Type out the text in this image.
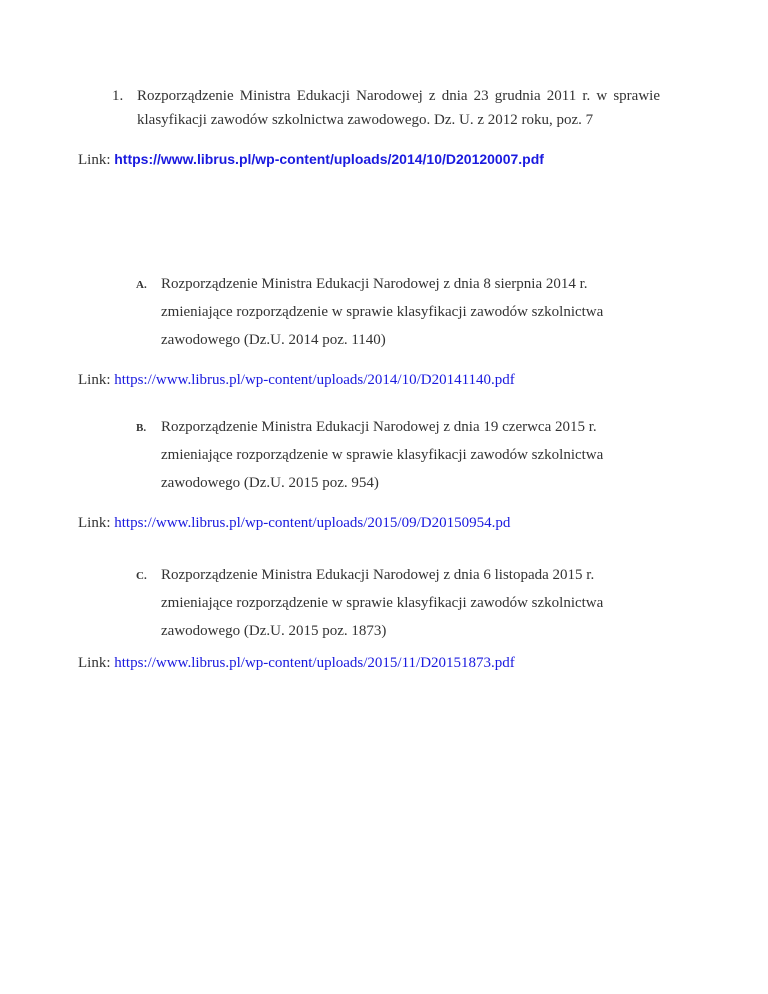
1. Rozporządzenie Ministra Edukacji Narodowej z dnia 23 grudnia 2011 r. w sprawie klasyfikacji zawodów szkolnictwa zawodowego. Dz. U. z 2012 roku, poz. 7
Link: https://www.librus.pl/wp-content/uploads/2014/10/D20120007.pdf
A. Rozporządzenie Ministra Edukacji Narodowej z dnia 8 sierpnia 2014 r. zmieniające rozporządzenie w sprawie klasyfikacji zawodów szkolnictwa zawodowego (Dz.U. 2014 poz. 1140)
Link: https://www.librus.pl/wp-content/uploads/2014/10/D20141140.pdf
B. Rozporządzenie Ministra Edukacji Narodowej z dnia 19 czerwca 2015 r. zmieniające rozporządzenie w sprawie klasyfikacji zawodów szkolnictwa zawodowego (Dz.U. 2015 poz. 954)
Link: https://www.librus.pl/wp-content/uploads/2015/09/D20150954.pd
C. Rozporządzenie Ministra Edukacji Narodowej z dnia 6 listopada 2015 r. zmieniające rozporządzenie w sprawie klasyfikacji zawodów szkolnictwa zawodowego (Dz.U. 2015 poz. 1873)
Link: https://www.librus.pl/wp-content/uploads/2015/11/D20151873.pdf
